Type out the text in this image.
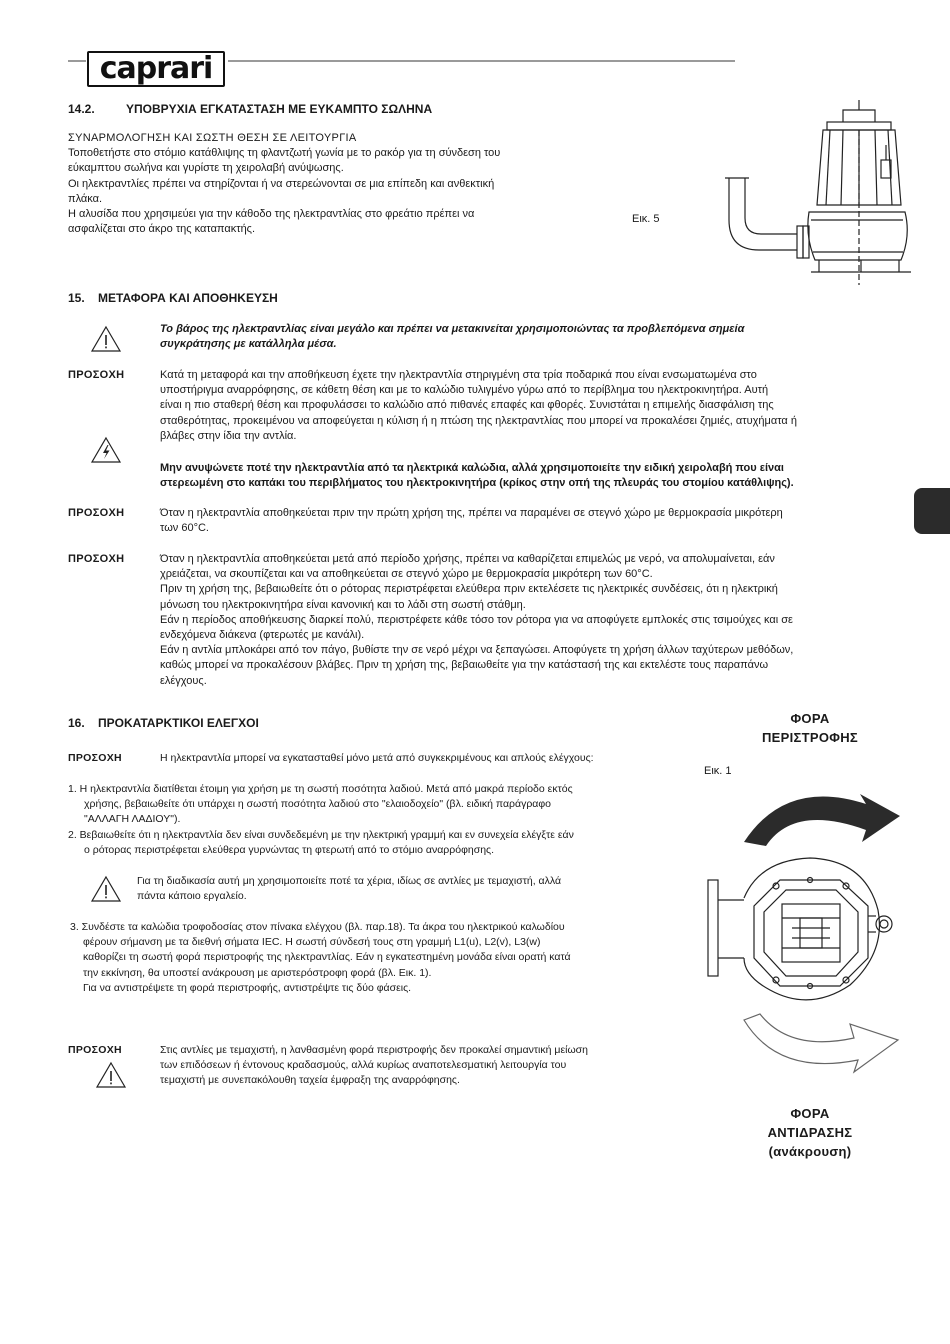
caprari
14.2.	ΥΠΟΒΡΥΧΙΑ ΕΓΚΑΤΑΣΤΑΣΗ ΜΕ ΕΥΚΑΜΠΤΟ ΣΩΛΗΝΑ

ΣΥΝΑΡΜΟΛΟΓΗΣΗ ΚΑΙ ΣΩΣΤΗ ΘΕΣΗ ΣΕ ΛΕΙΤΟΥΡΓΙΑ

Τοποθετήστε στο στόμιο κατάθλιψης τη φλαντζωτή γωνία με το ρακόρ για τη σύνδεση του

εύκαμπτου σωλήνα και γυρίστε τη χειρολαβή ανύψωσης.

Οι ηλεκτραντλίες πρέπει να στηρίζονται ή να στερεώνονται σε μια επίπεδη και ανθεκτική

πλάκα.

Η αλυσίδα που χρησιμεύει για την κάθοδο της ηλεκτραντλίας στο φρεάτιο πρέπει να

ασφαλίζεται στο άκρο της καταπακτής.

Εικ. 5
15. ΜΕΤΑΦΟΡΑ ΚΑΙ ΑΠΟΘΗΚΕΥΣΗ

Το βάρος της ηλεκτραντλίας είναι μεγάλο και πρέπει να μετακινείται χρησιμοποιώντας τα προβλεπόμενα σημεία

συγκράτησης με κατάλληλα μέσα.

ΠΡΟΣΟΧΗ	Κατά τη μεταφορά και την αποθήκευση έχετε την ηλεκτραντλία στηριγμένη στα τρία ποδαρικά που είναι ενσωματωμένα στο

υποστήριγμα αναρρόφησης, σε κάθετη θέση και με το καλώδιο τυλιγμένο γύρω από το περίβλημα του ηλεκτροκινητήρα. Αυτή

είναι η πιο σταθερή θέση και προφυλάσσει το καλώδιο από πιθανές επαφές και φθορές. Συνιστάται η επιμελής διασφάλιση της

σταθερότητας, προκειμένου να αποφεύγεται η κύλιση ή η πτώση της ηλεκτραντλίας που μπορεί να προκαλέσει ζημιές, ατυχήματα ή

βλάβες στην ίδια την αντλία.

Μην ανυψώνετε ποτέ την ηλεκτραντλία από τα ηλεκτρικά καλώδια, αλλά χρησιμοποιείτε την ειδική χειρολαβή που είναι

στερεωμένη στο καπάκι του περιβλήματος του ηλεκτροκινητήρα (κρίκος στην οπή της πλευράς του στομίου κατάθλιψης).

ΠΡΟΣΟΧΗ	Όταν η ηλεκτραντλία αποθηκεύεται πριν την πρώτη χρήση της, πρέπει να παραμένει σε στεγνό χώρο με θερμοκρασία μικρότερη

των 60°C.

ΠΡΟΣΟΧΗ	Όταν η ηλεκτραντλία αποθηκεύεται μετά από περίοδο χρήσης, πρέπει να καθαρίζεται επιμελώς με νερό, να απολυμαίνεται, εάν

χρειάζεται, να σκουπίζεται και να αποθηκεύεται σε στεγνό χώρο με θερμοκρασία μικρότερη των 60°C.

Πριν τη χρήση της, βεβαιωθείτε ότι ο ρότορας περιστρέφεται ελεύθερα πριν εκτελέσετε τις ηλεκτρικές συνδέσεις, ότι η ηλεκτρική

μόνωση του ηλεκτροκινητήρα είναι κανονική και το λάδι στη σωστή στάθμη.

Εάν η περίοδος αποθήκευσης διαρκεί πολύ, περιστρέφετε κάθε τόσο τον ρότορα για να αποφύγετε εμπλοκές στις τσιμούχες και σε

ενδεχόμενα διάκενα (φτερωτές με κανάλι).

Εάν η αντλία μπλοκάρει από τον πάγο, βυθίστε την σε νερό μέχρι να ξεπαγώσει. Αποφύγετε τη χρήση άλλων ταχύτερων μεθόδων,

καθώς μπορεί να προκαλέσουν βλάβες. Πριν τη χρήση της, βεβαιωθείτε για την κατάστασή της και εκτελέστε τους παραπάνω

ελέγχους.

16. ΠΡΟΚΑΤΑΡΚΤΙΚΟΙ ΕΛΕΓΧΟΙ	ΦΟΡΑ
ΠΕΡΙΣΤΡΟΦΗΣ
ΠΡΟΣΟΧΗ	Η ηλεκτραντλία μπορεί να εγκατασταθεί μόνο μετά από συγκεκριμένους και απλούς ελέγχους:
Εικ. 1

1. Η ηλεκτραντλία διατίθεται έτοιμη για χρήση με τη σωστή ποσότητα λαδιού. Μετά από μακρά περίοδο εκτός

χρήσης, βεβαιωθείτε ότι υπάρχει η σωστή ποσότητα λαδιού στο "ελαιοδοχείο" (βλ. ειδική παράγραφο

"ΑΛΛΑΓΗ ΛΑΔΙΟΥ").

2. Βεβαιωθείτε ότι η ηλεκτραντλία δεν είναι συνδεδεμένη με την ηλεκτρική γραμμή και εν συνεχεία ελέγξτε εάν

ο ρότορας περιστρέφεται ελεύθερα γυρνώντας τη φτερωτή από το στόμιο αναρρόφησης.

Για τη διαδικασία αυτή μη χρησιμοποιείτε ποτέ τα χέρια, ιδίως σε αντλίες με τεμαχιστή, αλλά

πάντα κάποιο εργαλείο.

3. Συνδέστε τα καλώδια τροφοδοσίας στον πίνακα ελέγχου (βλ. παρ.18). Τα άκρα του ηλεκτρικού καλωδίου

φέρουν σήμανση με τα διεθνή σήματα IEC. Η σωστή σύνδεσή τους στη γραμμή L1(u), L2(v), L3(w)

καθορίζει τη σωστή φορά περιστροφής της ηλεκτραντλίας. Εάν η εγκατεστημένη μονάδα είναι ορατή κατά

την εκκίνηση, θα υποστεί ανάκρουση με αριστερόστροφη φορά (βλ. Εικ. 1).

Για να αντιστρέψετε τη φορά περιστροφής, αντιστρέψτε τις δύο φάσεις.

ΠΡΟΣΟΧΗ	Στις αντλίες με τεμαχιστή, η λανθασμένη φορά περιστροφής δεν προκαλεί σημαντική μείωση

των επιδόσεων ή έντονους κραδασμούς, αλλά κυρίως αναποτελεσματική λειτουργία του

τεμαχιστή με συνεπακόλουθη ταχεία έμφραξη της αναρρόφησης.

ΦΟΡΑ
ΑΝΤΙΔΡΑΣΗΣ
(ανάκρουση)
